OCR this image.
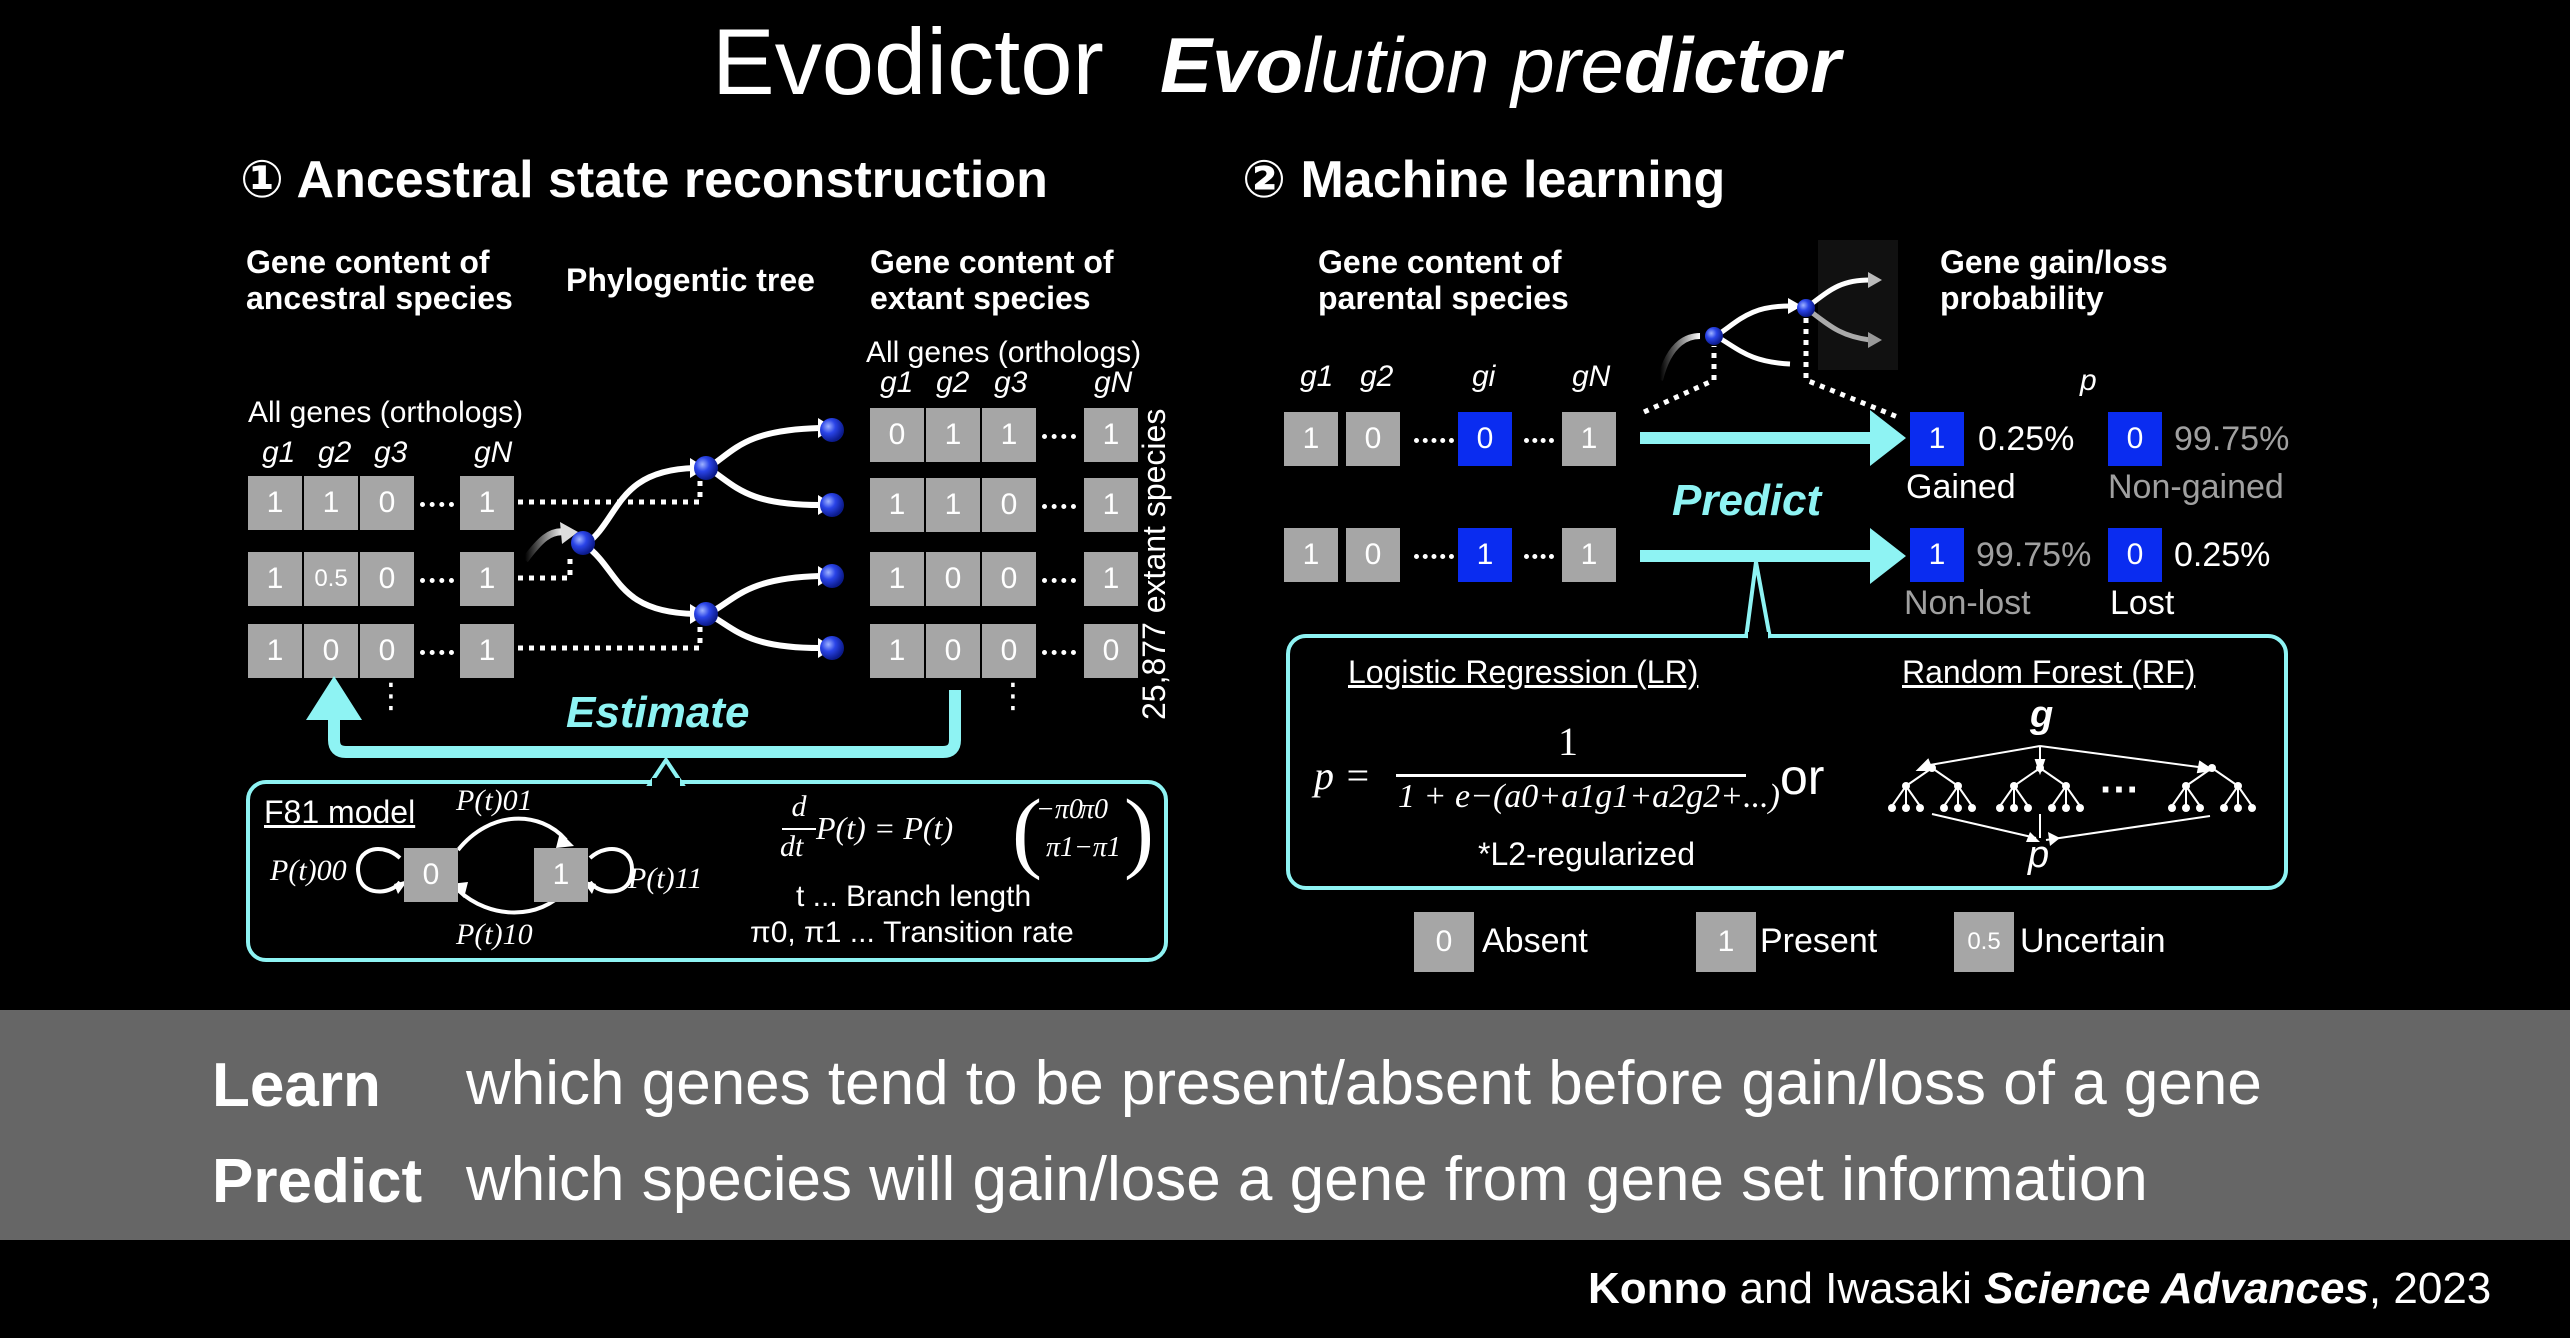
Evodictor Evolution predictor
① Ancestral state reconstruction
Gene content of
ancestral species Phylogentic tree Gene content of
extant species
All genes (orthologs)
All genes (orthologs)
g1 g2 g3 gN
g1 g2 g3 gN
1	1	0	1
1	0.5	0	1
1	0	0	1
0	1	1	1
1	1	0	1
1	0	0	1
1	0	0	0
⋮	⋮	25,877 extant species
Estimate
F81 model P(t)01
P(t)00	P(t)11
P(t)10
0	1
d
dt
P(t) = P(t) ( )
−π0
π0
π1 −π1
t ... Branch length
π0, π1 ... Transition rate
② Machine learning
Gene content of
parental species
Gene gain/loss
probability
g1 g2	gi	gN
1	0	0	1
1	0	1	1
p
1 0.25%
Gained
0 99.75%
Non-gained
1 99.75%
Non-lost
0 0.25%
Lost
Predict
Logistic Regression (LR)
p =
1
1 + e−(a0+a1g1+a2g2+...)
*L2-regularized
or
Random Forest (RF)
g
p
···
0 Absent	1 Present	0.5 Uncertain
Learn which genes tend to be present/absent before gain/loss of a gene
Predict which species will gain/lose a gene from gene set information
Konno and Iwasaki Science Advances, 2023
